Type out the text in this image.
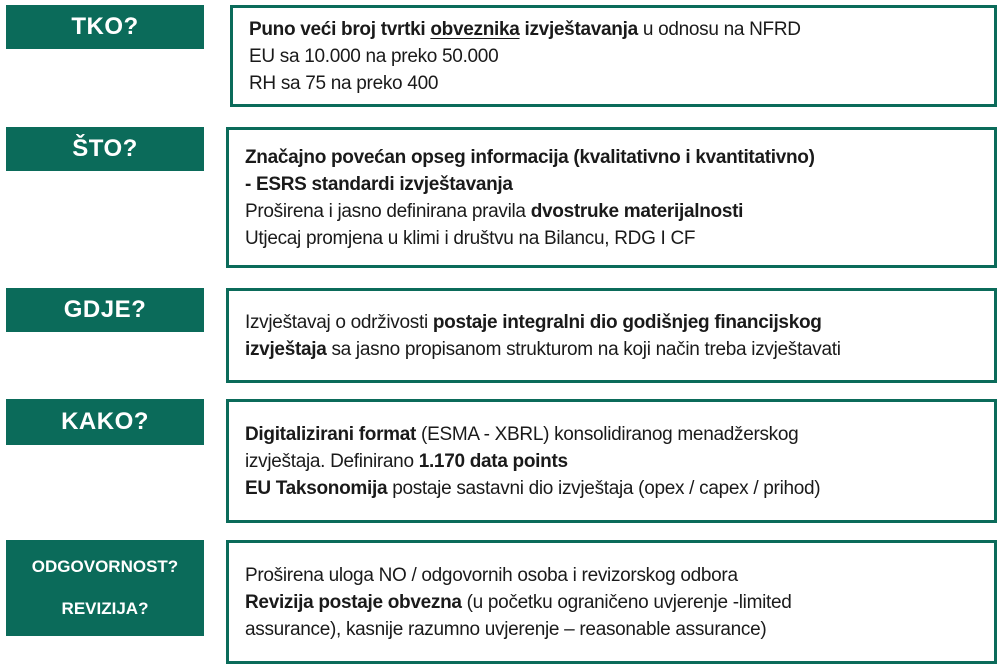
TKO?	Puno veći broj tvrtki obveznika izvještavanja u odnosu na NFRD
EU sa 10.000 na preko 50.000
RH sa 75 na preko 400
ŠTO?	Značajno povećan opseg informacija (kvalitativno i kvantitativno)
- ESRS standardi izvještavanja
Proširena i jasno definirana pravila dvostruke materijalnosti
Utjecaj promjena u klimi i društvu na Bilancu, RDG I CF
GDJE?	Izvještavaj o održivosti postaje integralni dio godišnjeg financijskog
izvještaja sa jasno propisanom strukturom na koji način treba izvještavati
KAKO?	Digitalizirani format (ESMA - XBRL) konsolidiranog menadžerskog
izvještaja. Definirano 1.170 data points
EU Taksonomija postaje sastavni dio izvještaja (opex / capex / prihod)
ODGOVORNOST?
REVIZIJA?
Proširena uloga NO / odgovornih osoba i revizorskog odbora
Revizija postaje obvezna (u početku ograničeno uvjerenje -limited
assurance), kasnije razumno uvjerenje – reasonable assurance)
